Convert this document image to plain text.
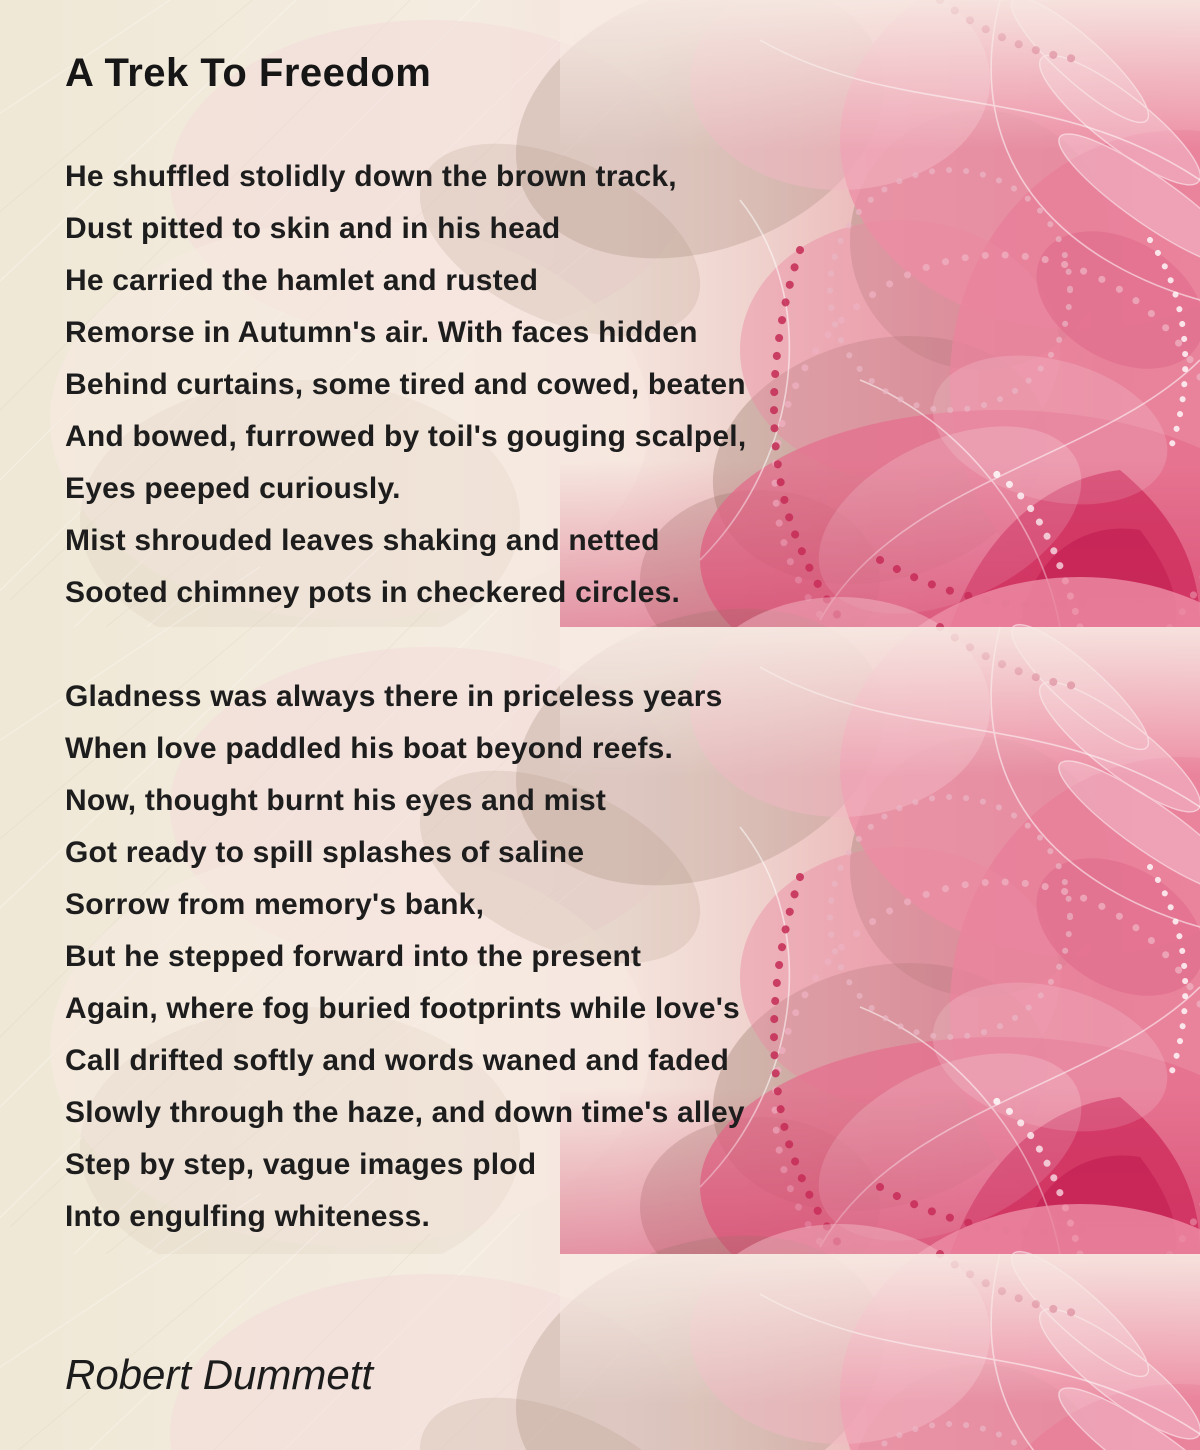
A Trek To Freedom
He shuffled stolidly down the brown track,
Dust pitted to skin and in his head
He carried the hamlet and rusted
Remorse in Autumn's air. With faces hidden
Behind curtains, some tired and cowed, beaten
And bowed, furrowed by toil's gouging scalpel,
Eyes peeped curiously.
Mist shrouded leaves shaking and netted
Sooted chimney pots in checkered circles.
Gladness was always there in priceless years
When love paddled his boat beyond reefs.
Now, thought burnt his eyes and mist
Got ready to spill splashes of saline
Sorrow from memory's bank,
But he stepped forward into the present
Again, where fog buried footprints while love's
Call drifted softly and words waned and faded
Slowly through the haze, and down time's alley
Step by step, vague images plod
Into engulfing whiteness.
Robert Dummett
